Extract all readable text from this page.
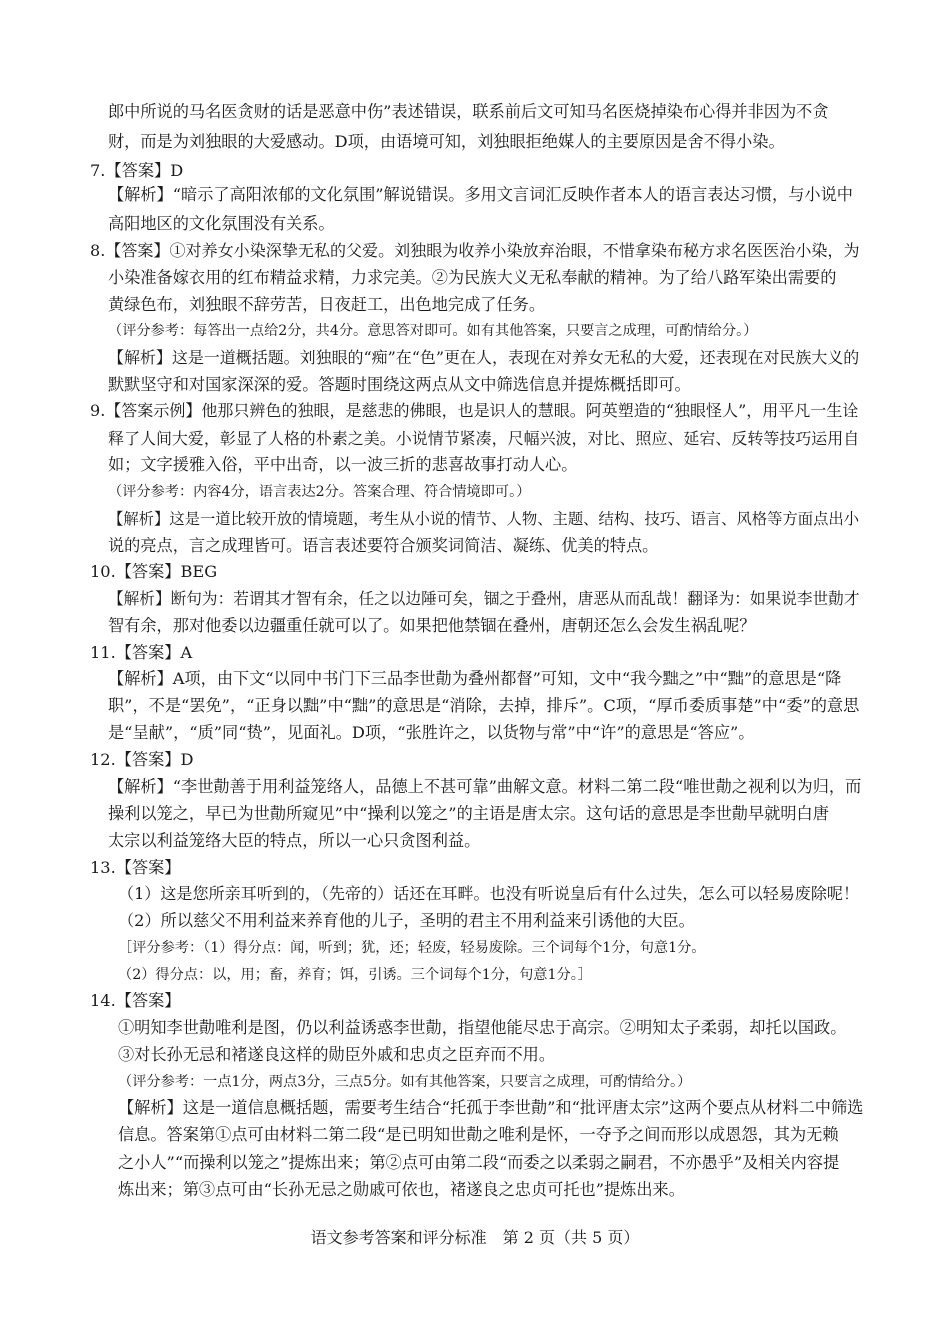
郎中所说的马名医贪财的话是恶意中伤”表述错误，联系前后文可知马名医烧掉染布心得并非因为不贪
财，而是为刘独眼的大爱感动。D项，由语境可知，刘独眼拒绝媒人的主要原因是舍不得小染。
7.【答案】D
【解析】“暗示了高阳浓郁的文化氛围”解说错误。多用文言词汇反映作者本人的语言表达习惯，与小说中
高阳地区的文化氛围没有关系。
8.【答案】①对养女小染深挚无私的父爱。刘独眼为收养小染放弃治眼，不惜拿染布秘方求名医医治小染，为
小染准备嫁衣用的红布精益求精，力求完美。②为民族大义无私奉献的精神。为了给八路军染出需要的
黄绿色布，刘独眼不辞劳苦，日夜赶工，出色地完成了任务。
（评分参考：每答出一点给2分，共4分。意思答对即可。如有其他答案，只要言之成理，可酌情给分。）
【解析】这是一道概括题。刘独眼的“痴”在“色”更在人，表现在对养女无私的大爱，还表现在对民族大义的
默默坚守和对国家深深的爱。答题时围绕这两点从文中筛选信息并提炼概括即可。
9.【答案示例】他那只辨色的独眼，是慈悲的佛眼，也是识人的慧眼。阿英塑造的“独眼怪人”，用平凡一生诠
释了人间大爱，彰显了人格的朴素之美。小说情节紧凑，尺幅兴波，对比、照应、延宕、反转等技巧运用自
如；文字援雅入俗，平中出奇，以一波三折的悲喜故事打动人心。
（评分参考：内容4分，语言表达2分。答案合理、符合情境即可。）
【解析】这是一道比较开放的情境题，考生从小说的情节、人物、主题、结构、技巧、语言、风格等方面点出小
说的亮点，言之成理皆可。语言表述要符合颁奖词简洁、凝练、优美的特点。
10.【答案】BEG
【解析】断句为：若谓其才智有余，任之以边陲可矣，锢之于叠州，唐恶从而乱哉！翻译为：如果说李世勣才
智有余，那对他委以边疆重任就可以了。如果把他禁锢在叠州，唐朝还怎么会发生祸乱呢？
11.【答案】A
【解析】A项，由下文“以同中书门下三品李世勣为叠州都督”可知，文中“我今黜之”中“黜”的意思是“降
职”，不是“罢免”，“正身以黜”中“黜”的意思是“消除，去掉，排斥”。C项，“厚币委质事楚”中“委”的意思
是“呈献”，“质”同“贽”，见面礼。D项，“张胜许之，以货物与常”中“许”的意思是“答应”。
12.【答案】D
【解析】“李世勣善于用利益笼络人，品德上不甚可靠”曲解文意。材料二第二段“唯世勣之视利以为归，而
操利以笼之，早已为世勣所窥见”中“操利以笼之”的主语是唐太宗。这句话的意思是李世勣早就明白唐
太宗以利益笼络大臣的特点，所以一心只贪图利益。
13.【答案】
（1）这是您所亲耳听到的，（先帝的）话还在耳畔。也没有听说皇后有什么过失，怎么可以轻易废除呢！
（2）所以慈父不用利益来养育他的儿子，圣明的君主不用利益来引诱他的大臣。
［评分参考：（1）得分点：闻，听到；犹，还；轻废，轻易废除。三个词每个1分，句意1分。
（2）得分点：以，用；畜，养育；饵，引诱。三个词每个1分，句意1分。］
14.【答案】
①明知李世勣唯利是图，仍以利益诱惑李世勣，指望他能尽忠于高宗。②明知太子柔弱，却托以国政。
③对长孙无忌和褚遂良这样的勋臣外戚和忠贞之臣弃而不用。
（评分参考：一点1分，两点3分，三点5分。如有其他答案，只要言之成理，可酌情给分。）
【解析】这是一道信息概括题，需要考生结合“托孤于李世勣”和“批评唐太宗”这两个要点从材料二中筛选
信息。答案第①点可由材料二第二段“是已明知世勣之唯利是怀，一夺予之间而形以成恩怨，其为无赖
之小人”“而操利以笼之”提炼出来；第②点可由第二段“而委之以柔弱之嗣君，不亦愚乎”及相关内容提
炼出来；第③点可由“长孙无忌之勋戚可依也，褚遂良之忠贞可托也”提炼出来。
语文参考答案和评分标准　第 2 页（共 5 页）
